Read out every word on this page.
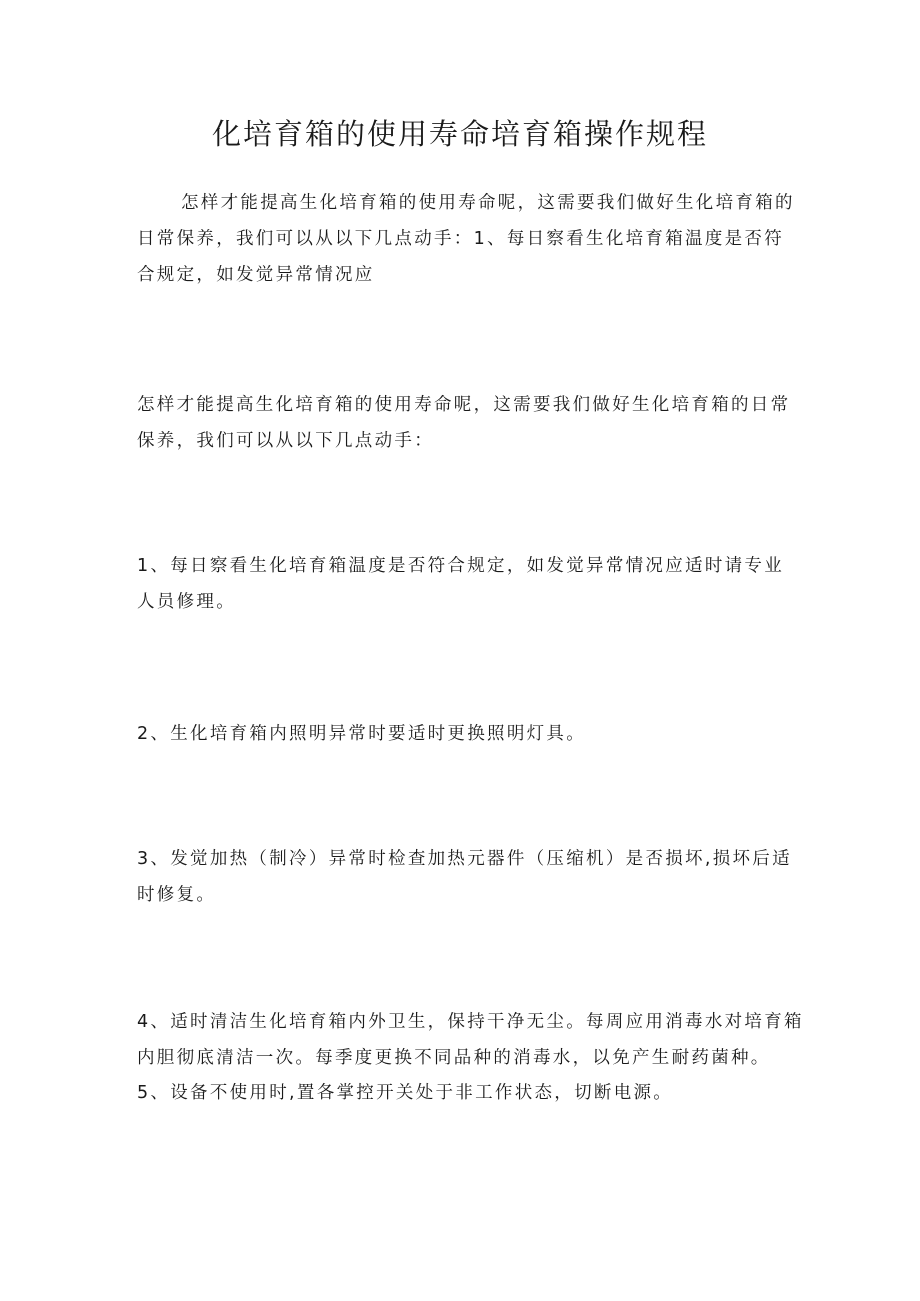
化培育箱的使用寿命培育箱操作规程

怎样才能提高生化培育箱的使用寿命呢，这需要我们做好生化培育箱的日常保养，我们可以从以下几点动手：1、每日察看生化培育箱温度是否符合规定，如发觉异常情况应

怎样才能提高生化培育箱的使用寿命呢，这需要我们做好生化培育箱的日常保养，我们可以从以下几点动手：

1、每日察看生化培育箱温度是否符合规定，如发觉异常情况应适时请专业人员修理。

2、生化培育箱内照明异常时要适时更换照明灯具。

3、发觉加热（制冷）异常时检查加热元器件（压缩机）是否损坏,损坏后适时修复。

4、适时清洁生化培育箱内外卫生，保持干净无尘。每周应用消毒水对培育箱内胆彻底清洁一次。每季度更换不同品种的消毒水，以免产生耐药菌种。

5、设备不使用时,置各掌控开关处于非工作状态，切断电源。
